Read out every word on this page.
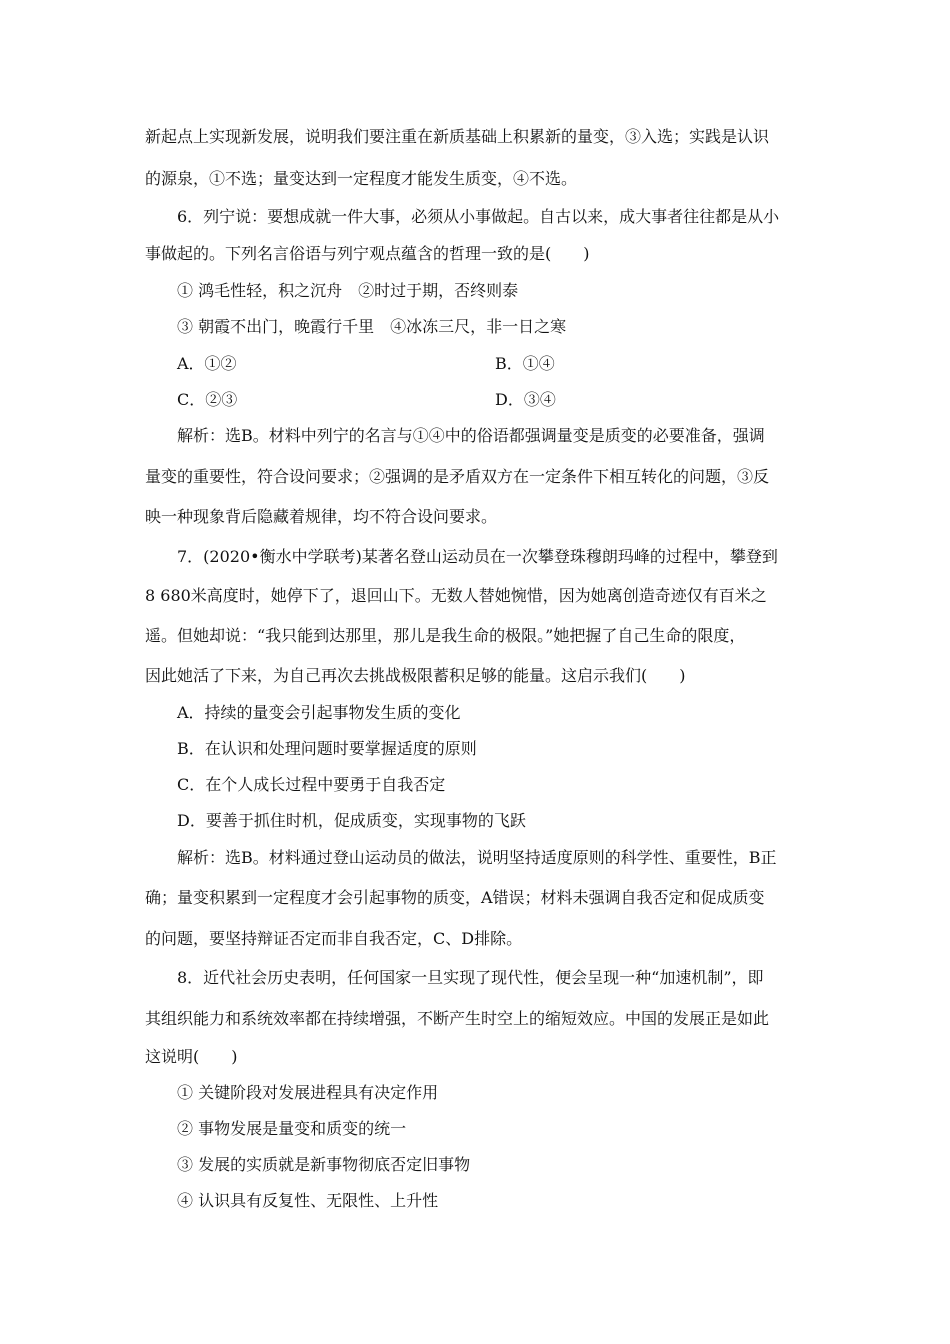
新起点上实现新发展，说明我们要注重在新质基础上积累新的量变，③入选；实践是认识
的源泉，①不选；量变达到一定程度才能发生质变，④不选。
6．列宁说：要想成就一件大事，必须从小事做起。自古以来，成大事者往往都是从小
事做起的。下列名言俗语与列宁观点蕴含的哲理一致的是(　　)
① 鸿毛性轻，积之沉舟　②时过于期，否终则泰
③ 朝霞不出门，晚霞行千里　④冰冻三尺，非一日之寒
A．①②	B．①④
C．②③	D．③④
解析：选B。材料中列宁的名言与①④中的俗语都强调量变是质变的必要准备，强调
量变的重要性，符合设问要求；②强调的是矛盾双方在一定条件下相互转化的问题，③反
映一种现象背后隐藏着规律，均不符合设问要求。
7．(2020•衡水中学联考)某著名登山运动员在一次攀登珠穆朗玛峰的过程中，攀登到
8 680米高度时，她停下了，退回山下。无数人替她惋惜，因为她离创造奇迹仅有百米之
遥。但她却说：“我只能到达那里，那儿是我生命的极限。”她把握了自己生命的限度，
因此她活了下来，为自己再次去挑战极限蓄积足够的能量。这启示我们(　　)
A．持续的量变会引起事物发生质的变化
B．在认识和处理问题时要掌握适度的原则
C．在个人成长过程中要勇于自我否定
D．要善于抓住时机，促成质变，实现事物的飞跃
解析：选B。材料通过登山运动员的做法，说明坚持适度原则的科学性、重要性，B正
确；量变积累到一定程度才会引起事物的质变，A错误；材料未强调自我否定和促成质变
的问题，要坚持辩证否定而非自我否定，C、D排除。
8．近代社会历史表明，任何国家一旦实现了现代性，便会呈现一种“加速机制”，即
其组织能力和系统效率都在持续增强，不断产生时空上的缩短效应。中国的发展正是如此
这说明(　　)
① 关键阶段对发展进程具有决定作用
② 事物发展是量变和质变的统一
③ 发展的实质就是新事物彻底否定旧事物
④ 认识具有反复性、无限性、上升性
